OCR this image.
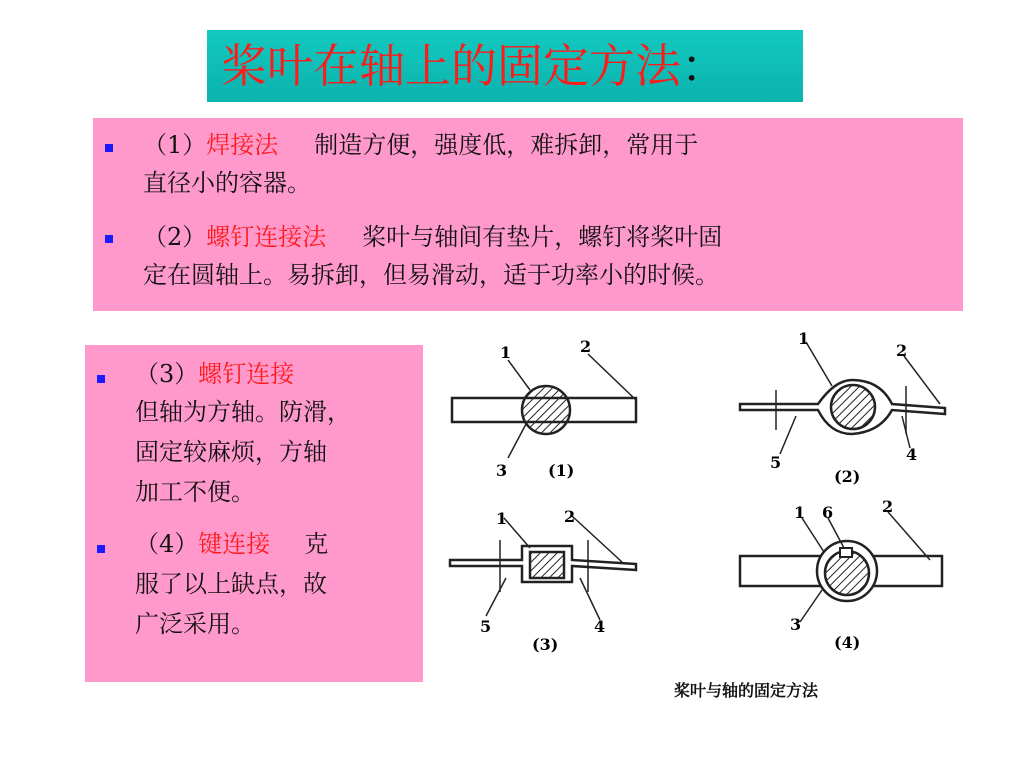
桨叶在轴上的固定方法：
（1）焊接法 制造方便，强度低，难拆卸，常用于
直径小的容器。
（2）螺钉连接法 桨叶与轴间有垫片，螺钉将桨叶固
定在圆轴上。易拆卸，但易滑动，适于功率小的时候。
（3）螺钉连接
但轴为方轴。防滑，
固定较麻烦，方轴
加工不便。
（4）键连接 克
服了以上缺点，故
广泛采用。
1	2
3	(1)
1
2
5	4
(2)
1	2
5	4
(3)
1 6	2
3
(4)
桨叶与轴的固定方法
